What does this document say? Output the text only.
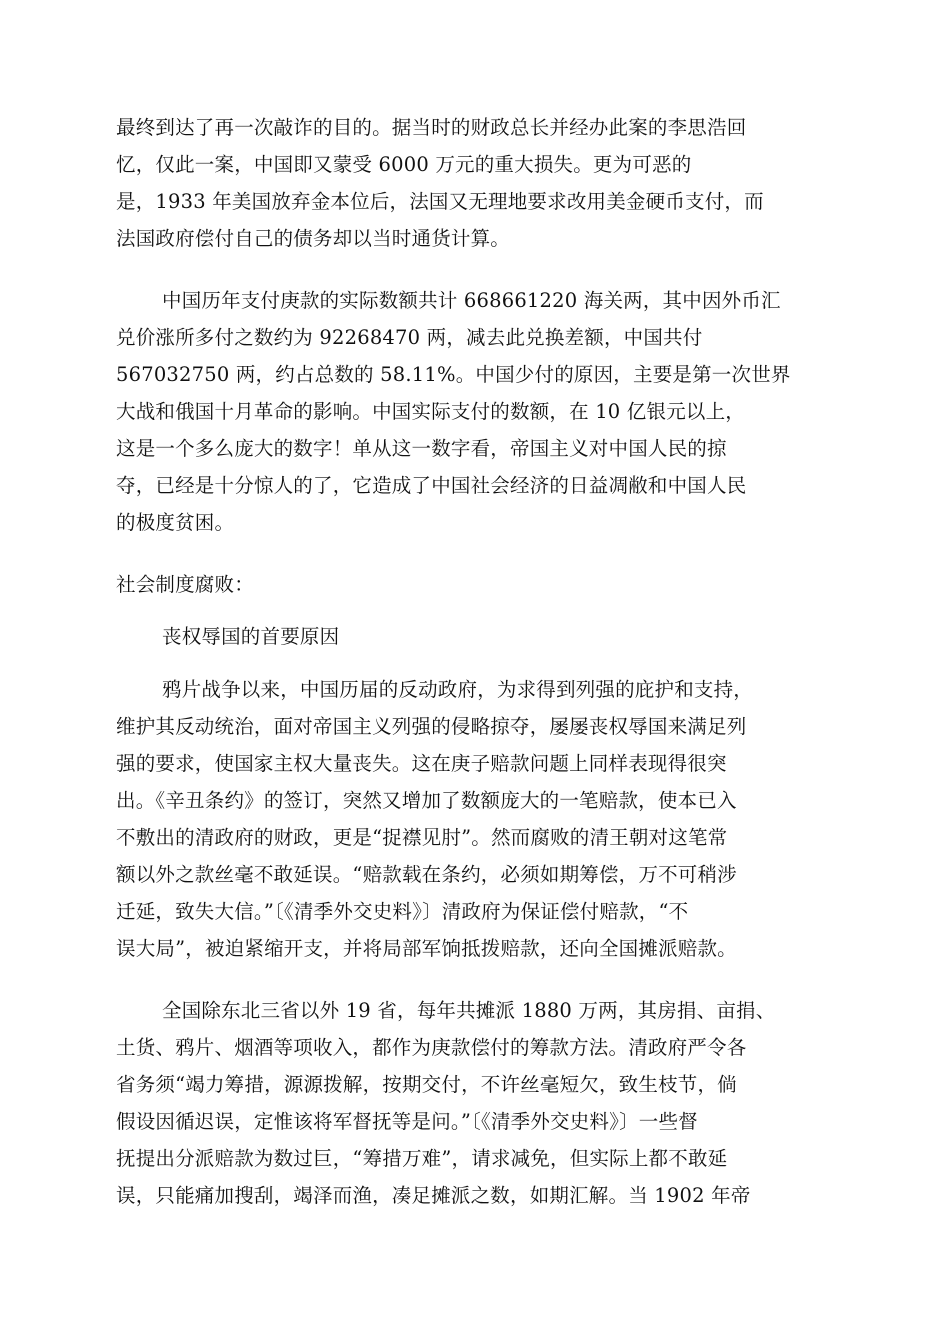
最终到达了再一次敲诈的目的。据当时的财政总长并经办此案的李思浩回
忆，仅此一案，中国即又蒙受 6000 万元的重大损失。更为可恶的
是，1933 年美国放弃金本位后，法国又无理地要求改用美金硬币支付，而
法国政府偿付自己的债务却以当时通货计算。
中国历年支付庚款的实际数额共计 668661220 海关两，其中因外币汇
兑价涨所多付之数约为 92268470 两，减去此兑换差额，中国共付
567032750 两，约占总数的 58.11%。中国少付的原因，主要是第一次世界
大战和俄国十月革命的影响。中国实际支付的数额，在 10 亿银元以上，
这是一个多么庞大的数字！单从这一数字看，帝国主义对中国人民的掠
夺，已经是十分惊人的了，它造成了中国社会经济的日益凋敝和中国人民
的极度贫困。
社会制度腐败：
丧权辱国的首要原因
鸦片战争以来，中国历届的反动政府，为求得到列强的庇护和支持，
维护其反动统治，面对帝国主义列强的侵略掠夺，屡屡丧权辱国来满足列
强的要求，使国家主权大量丧失。这在庚子赔款问题上同样表现得很突
出。《辛丑条约》的签订，突然又增加了数额庞大的一笔赔款，使本已入
不敷出的清政府的财政，更是“捉襟见肘”。然而腐败的清王朝对这笔常
额以外之款丝毫不敢延误。“赔款载在条约，必须如期筹偿，万不可稍涉
迁延，致失大信。”〔《清季外交史料》〕清政府为保证偿付赔款，“不
误大局”，被迫紧缩开支，并将局部军饷抵拨赔款，还向全国摊派赔款。
全国除东北三省以外 19 省，每年共摊派 1880 万两，其房捐、亩捐、
土货、鸦片、烟酒等项收入，都作为庚款偿付的筹款方法。清政府严令各
省务须“竭力筹措，源源拨解，按期交付，不许丝毫短欠，致生枝节，倘
假设因循迟误，定惟该将军督抚等是问。”〔《清季外交史料》〕一些督
抚提出分派赔款为数过巨，“筹措万难”，请求减免，但实际上都不敢延
误，只能痛加搜刮，竭泽而渔，凑足摊派之数，如期汇解。当 1902 年帝
